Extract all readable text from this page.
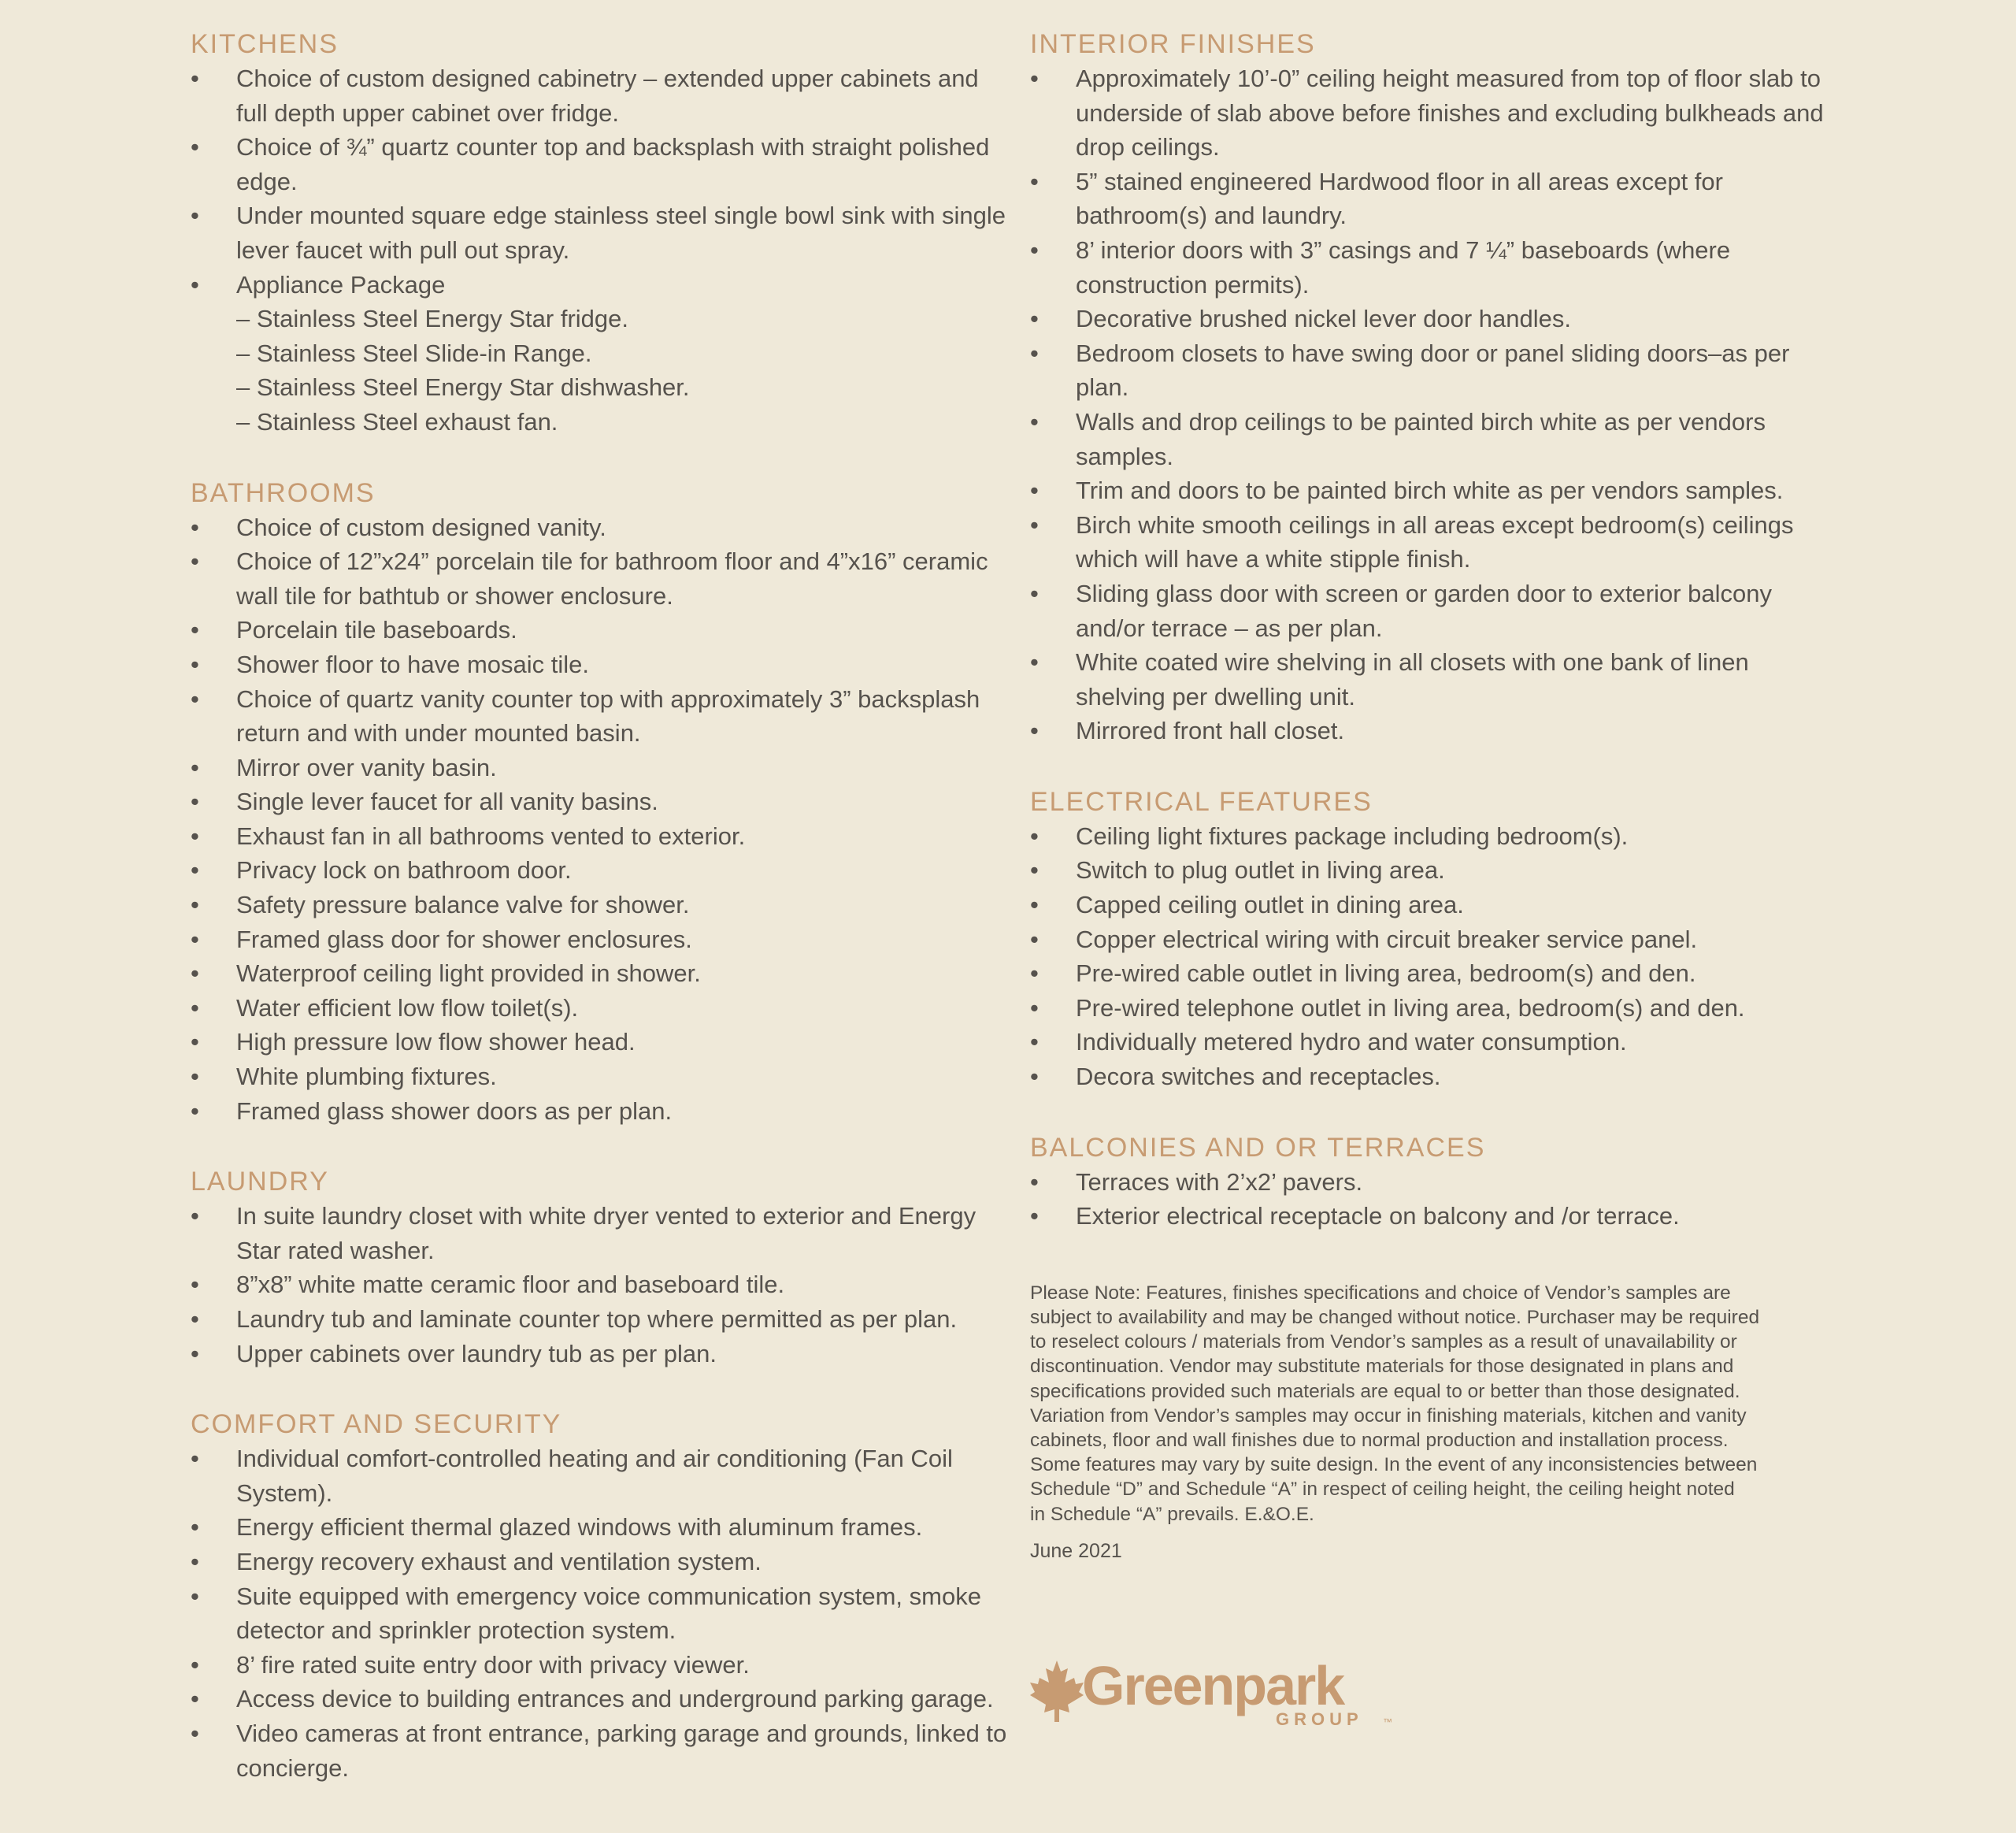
KITCHENS
• Choice of custom designed cabinetry – extended upper cabinets and full depth upper cabinet over fridge.
• Choice of ¾” quartz counter top and backsplash with straight polished edge.
• Under mounted square edge stainless steel single bowl sink with single lever faucet with pull out spray.
• Appliance Package
– Stainless Steel Energy Star fridge.
– Stainless Steel Slide-in Range.
– Stainless Steel Energy Star dishwasher.
– Stainless Steel exhaust fan.
BATHROOMS
• Choice of custom designed vanity.
• Choice of 12”x24” porcelain tile for bathroom floor and 4”x16” ceramic wall tile for bathtub or shower enclosure.
• Porcelain tile baseboards.
• Shower floor to have mosaic tile.
• Choice of quartz vanity counter top with approximately 3” backsplash return and with under mounted basin.
• Mirror over vanity basin.
• Single lever faucet for all vanity basins.
• Exhaust fan in all bathrooms vented to exterior.
• Privacy lock on bathroom door.
• Safety pressure balance valve for shower.
• Framed glass door for shower enclosures.
• Waterproof ceiling light provided in shower.
• Water efficient low flow toilet(s).
• High pressure low flow shower head.
• White plumbing fixtures.
• Framed glass shower doors as per plan.
LAUNDRY
• In suite laundry closet with white dryer vented to exterior and Energy Star rated washer.
• 8”x8” white matte ceramic floor and baseboard tile.
• Laundry tub and laminate counter top where permitted as per plan.
• Upper cabinets over laundry tub as per plan.
COMFORT AND SECURITY
• Individual comfort-controlled heating and air conditioning (Fan Coil System).
• Energy efficient thermal glazed windows with aluminum frames.
• Energy recovery exhaust and ventilation system.
• Suite equipped with emergency voice communication system, smoke detector and sprinkler protection system.
• 8’ fire rated suite entry door with privacy viewer.
• Access device to building entrances and underground parking garage.
• Video cameras at front entrance, parking garage and grounds, linked to concierge.
INTERIOR FINISHES
• Approximately 10’-0” ceiling height measured from top of floor slab to underside of slab above before finishes and excluding bulkheads and drop ceilings.
• 5” stained engineered Hardwood floor in all areas except for bathroom(s) and laundry.
• 8’ interior doors with 3” casings and 7 ¼” baseboards (where construction permits).
• Decorative brushed nickel lever door handles.
• Bedroom closets to have swing door or panel sliding doors–as per plan.
• Walls and drop ceilings to be painted birch white as per vendors samples.
• Trim and doors to be painted birch white as per vendors samples.
• Birch white smooth ceilings in all areas except bedroom(s) ceilings which will have a white stipple finish.
• Sliding glass door with screen or garden door to exterior balcony and/or terrace – as per plan.
• White coated wire shelving in all closets with one bank of linen shelving per dwelling unit.
• Mirrored front hall closet.
ELECTRICAL FEATURES
• Ceiling light fixtures package including bedroom(s).
• Switch to plug outlet in living area.
• Capped ceiling outlet in dining area.
• Copper electrical wiring with circuit breaker service panel.
• Pre-wired cable outlet in living area, bedroom(s) and den.
• Pre-wired telephone outlet in living area, bedroom(s) and den.
• Individually metered hydro and water consumption.
• Decora switches and receptacles.
BALCONIES AND OR TERRACES
• Terraces with 2’x2’ pavers.
• Exterior electrical receptacle on balcony and /or terrace.
Please Note: Features, finishes specifications and choice of Vendor’s samples are
subject to availability and may be changed without notice. Purchaser may be required
to reselect colours / materials from Vendor’s samples as a result of unavailability or
discontinuation. Vendor may substitute materials for those designated in plans and
specifications provided such materials are equal to or better than those designated.
Variation from Vendor’s samples may occur in finishing materials, kitchen and vanity
cabinets, floor and wall finishes due to normal production and installation process.
Some features may vary by suite design. In the event of any inconsistencies between
Schedule “D” and Schedule “A” in respect of ceiling height, the ceiling height noted
in Schedule “A” prevails. E.&O.E.
June 2021
Greenpark
GROUP ™
